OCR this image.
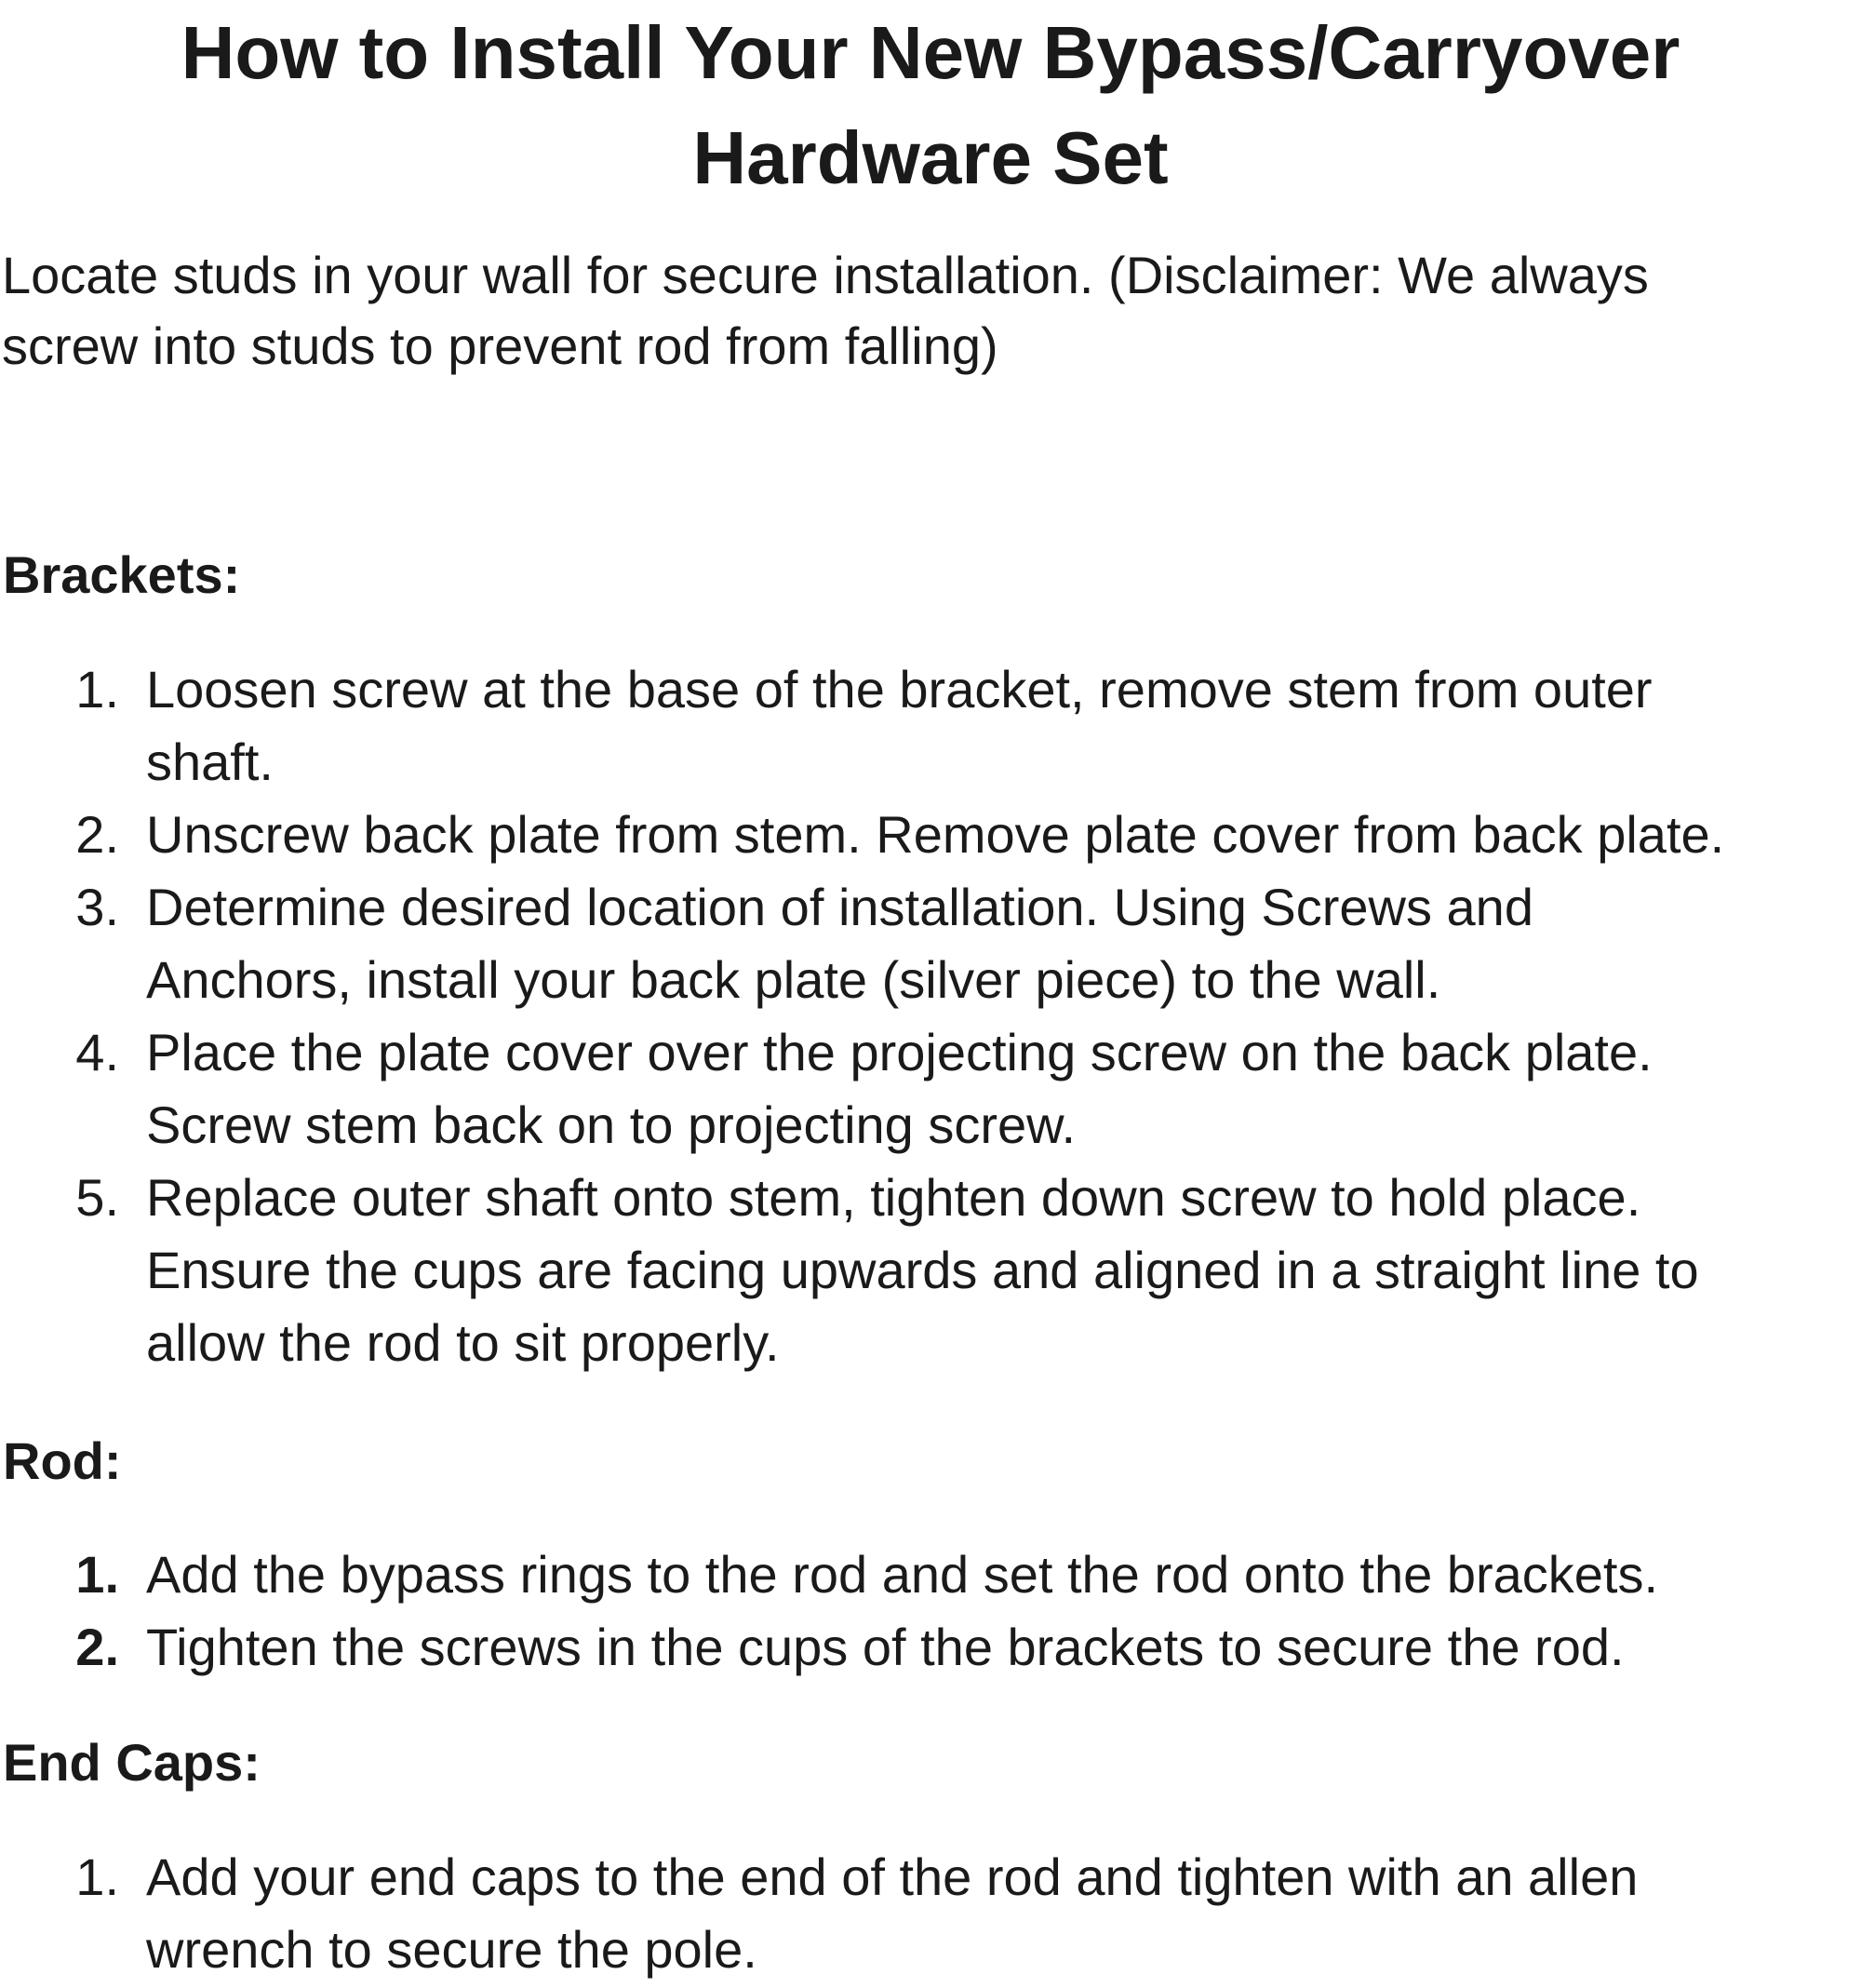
How to Install Your New Bypass/Carryover
Hardware Set

Locate studs in your wall for secure installation. (Disclaimer: We always
screw into studs to prevent rod from falling)

Brackets:
1. Loosen screw at the base of the bracket, remove stem from outer
shaft.
2. Unscrew back plate from stem. Remove plate cover from back plate.
3. Determine desired location of installation. Using Screws and
Anchors, install your back plate (silver piece) to the wall.
4. Place the plate cover over the projecting screw on the back plate.
Screw stem back on to projecting screw.
5. Replace outer shaft onto stem, tighten down screw to hold place.
Ensure the cups are facing upwards and aligned in a straight line to
allow the rod to sit properly.
Rod:
1. Add the bypass rings to the rod and set the rod onto the brackets.
2. Tighten the screws in the cups of the brackets to secure the rod.
End Caps:
1. Add your end caps to the end of the rod and tighten with an allen
wrench to secure the pole.
